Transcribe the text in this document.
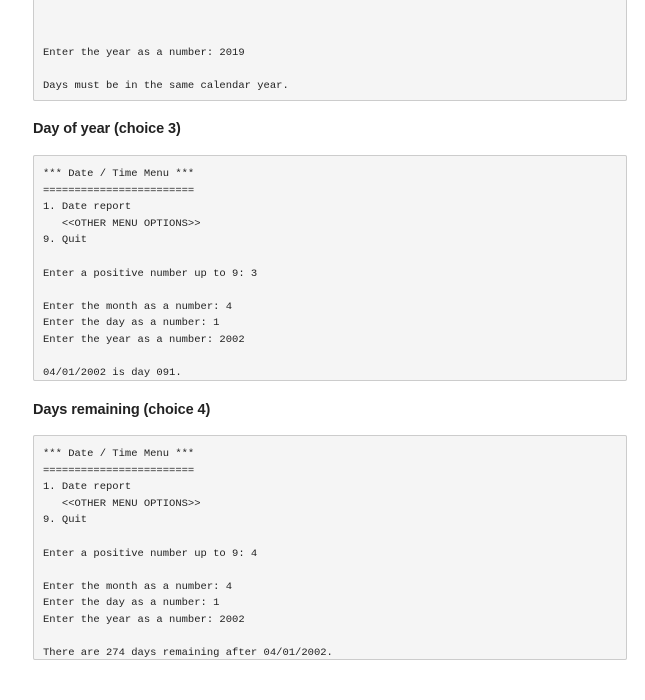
Enter the year as a number: 2019
Days must be in the same calendar year.
Day of year (choice 3)
*** Date / Time Menu ***
========================
1. Date report
<<OTHER MENU OPTIONS>>
9. Quit
Enter a positive number up to 9: 3
Enter the month as a number: 4
Enter the day as a number: 1
Enter the year as a number: 2002
04/01/2002 is day 091.
Days remaining (choice 4)
*** Date / Time Menu ***
========================
1. Date report
<<OTHER MENU OPTIONS>>
9. Quit
Enter a positive number up to 9: 4
Enter the month as a number: 4
Enter the day as a number: 1
Enter the year as a number: 2002
There are 274 days remaining after 04/01/2002.
